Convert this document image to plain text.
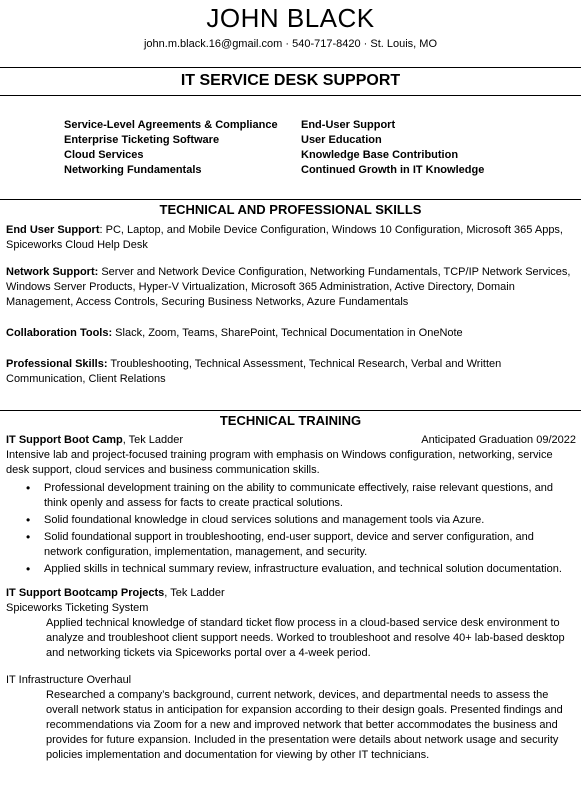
JOHN BLACK
john.m.black.16@gmail.com · 540-717-8420 · St. Louis, MO
IT SERVICE DESK SUPPORT
Service-Level Agreements & Compliance
Enterprise Ticketing Software
Cloud Services
Networking Fundamentals
End-User Support
User Education
Knowledge Base Contribution
Continued Growth in IT Knowledge
TECHNICAL AND PROFESSIONAL SKILLS
End User Support: PC, Laptop, and Mobile Device Configuration, Windows 10 Configuration, Microsoft 365 Apps, Spiceworks Cloud Help Desk
Network Support: Server and Network Device Configuration, Networking Fundamentals, TCP/IP Network Services, Windows Server Products, Hyper-V Virtualization, Microsoft 365 Administration, Active Directory, Domain Management, Access Controls, Securing Business Networks, Azure Fundamentals
Collaboration Tools: Slack, Zoom, Teams, SharePoint, Technical Documentation in OneNote
Professional Skills: Troubleshooting, Technical Assessment, Technical Research, Verbal and Written Communication, Client Relations
TECHNICAL TRAINING
IT Support Boot Camp, Tek Ladder	Anticipated Graduation 09/2022
Intensive lab and project-focused training program with emphasis on Windows configuration, networking, service desk support, cloud services and business communication skills.
• Professional development training on the ability to communicate effectively, raise relevant questions, and think openly and assess for facts to create practical solutions.
• Solid foundational knowledge in cloud services solutions and management tools via Azure.
• Solid foundational support in troubleshooting, end-user support, device and server configuration, and network configuration, implementation, management, and security.
• Applied skills in technical summary review, infrastructure evaluation, and technical solution documentation.
IT Support Bootcamp Projects, Tek Ladder
Spiceworks Ticketing System
Applied technical knowledge of standard ticket flow process in a cloud-based service desk environment to analyze and troubleshoot client support needs. Worked to troubleshoot and resolve 40+ lab-based desktop and networking tickets via Spiceworks portal over a 4-week period.
IT Infrastructure Overhaul
Researched a company’s background, current network, devices, and departmental needs to assess the overall network status in anticipation for expansion according to their design goals. Presented findings and recommendations via Zoom for a new and improved network that better accommodates the business and provides for future expansion. Included in the presentation were details about network usage and security policies implementation and documentation for viewing by other IT technicians.
